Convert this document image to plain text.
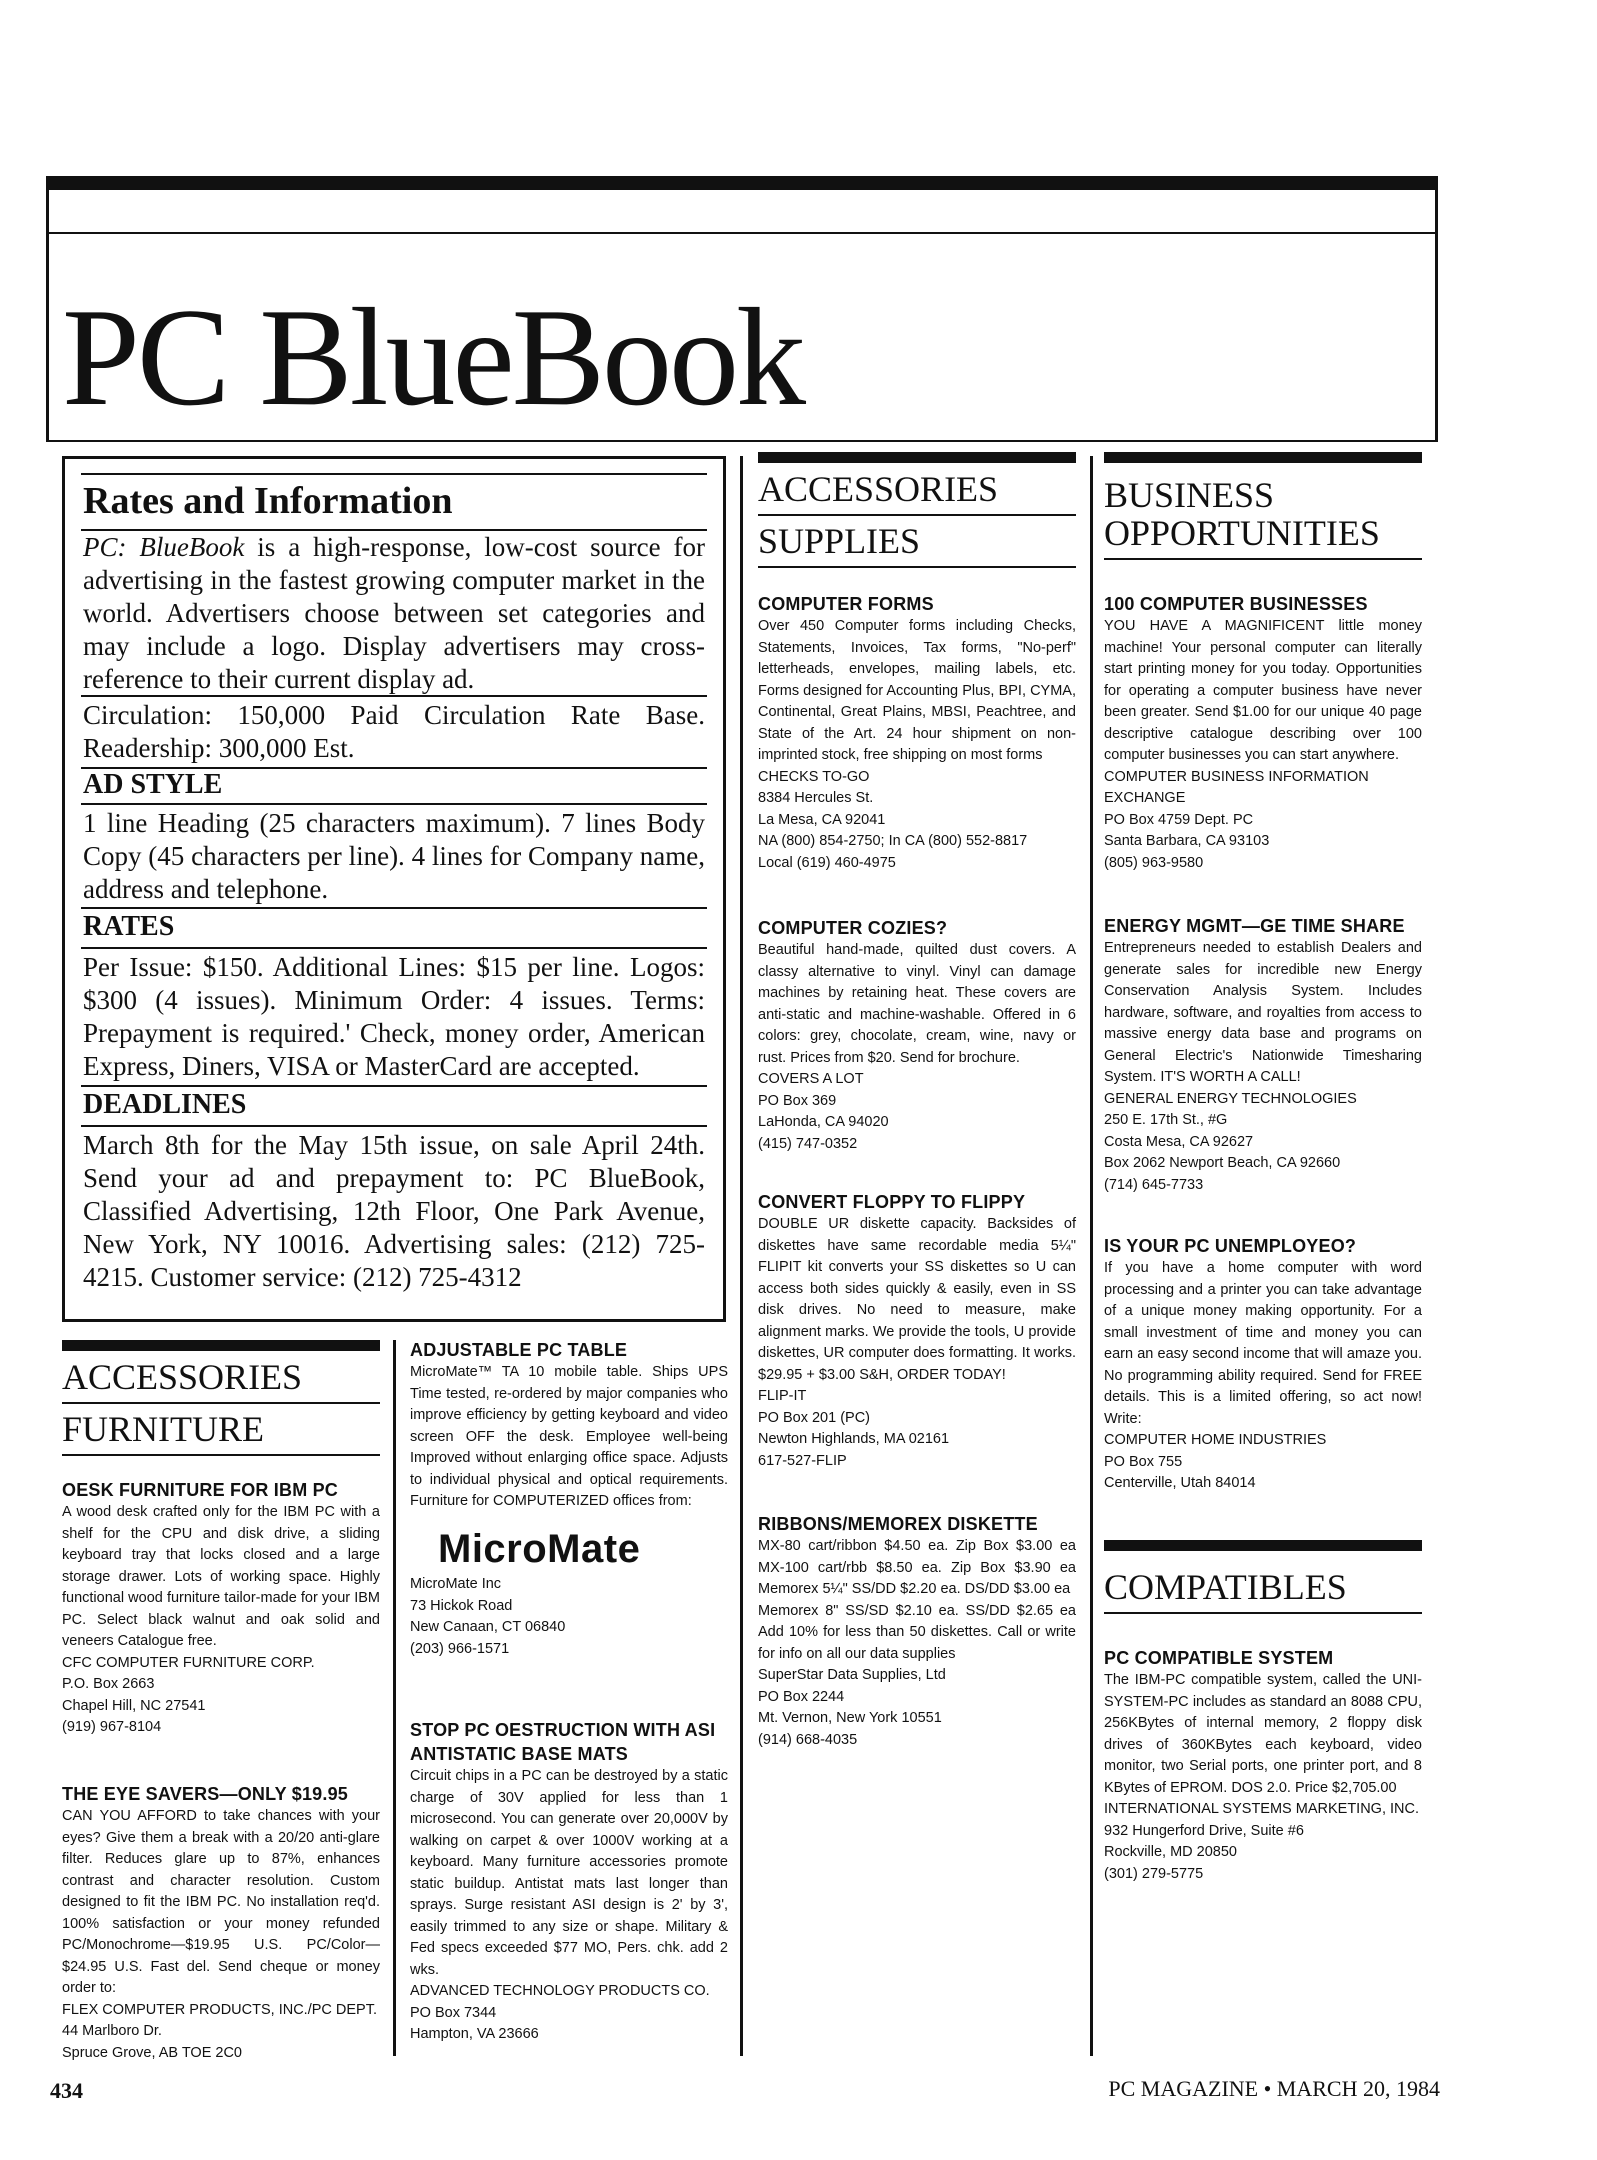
PC BlueBook
Rates and Information
PC: BlueBook is a high-response, low-cost source for advertising in the fastest growing computer market in the world. Advertisers choose between set categories and may include a logo. Display advertisers may cross-reference to their current display ad.
Circulation: 150,000 Paid Circulation Rate Base. Readership: 300,000 Est.
AD STYLE
1 line Heading (25 characters maximum). 7 lines Body Copy (45 characters per line). 4 lines for Company name, address and telephone.
RATES
Per Issue: $150. Additional Lines: $15 per line. Logos: $300 (4 issues). Minimum Order: 4 issues. Terms: Prepayment is required.' Check, money order, American Express, Diners, VISA or MasterCard are accepted.
DEADLINES
March 8th for the May 15th issue, on sale April 24th. Send your ad and prepayment to: PC BlueBook, Classified Advertising, 12th Floor, One Park Avenue, New York, NY 10016. Advertising sales: (212) 725-4215. Customer service: (212) 725-4312
ACCESSORIES
FURNITURE
OESK FURNITURE FOR IBM PC

A wood desk crafted only for the IBM PC with a shelf for the CPU and disk drive, a sliding keyboard tray that locks closed and a large storage drawer. Lots of working space. Highly functional wood furniture tailor-made for your IBM PC. Select black walnut and oak solid and veneers Catalogue free.

CFC COMPUTER FURNITURE CORP.
P.O. Box 2663
Chapel Hill, NC 27541
(919) 967-8104

THE EYE SAVERS—ONLY $19.95

CAN YOU AFFORD to take chances with your eyes? Give them a break with a 20/20 anti-glare filter. Reduces glare up to 87%, enhances contrast and character resolution. Custom designed to fit the IBM PC. No installation req'd. 100% satisfaction or your money refunded PC/Monochrome—$19.95 U.S. PC/Color—$24.95 U.S. Fast del. Send cheque or money order to:

FLEX COMPUTER PRODUCTS, INC./PC DEPT.
44 Marlboro Dr.
Spruce Grove, AB TOE 2C0

ADJUSTABLE PC TABLE

MicroMate™ TA 10 mobile table. Ships UPS Time tested, re-ordered by major companies who improve efficiency by getting keyboard and video screen OFF the desk. Employee well-being Improved without enlarging office space. Adjusts to individual physical and optical requirements. Furniture for COMPUTERIZED offices from:

MicroMate

MicroMate Inc
73 Hickok Road
New Canaan, CT 06840
(203) 966-1571

STOP PC OESTRUCTION WITH ASI ANTISTATIC BASE MATS

Circuit chips in a PC can be destroyed by a static charge of 30V applied for less than 1 microsecond. You can generate over 20,000V by walking on carpet & over 1000V working at a keyboard. Many furniture accessories promote static buildup. Antistat mats last longer than sprays. Surge resistant ASI design is 2' by 3', easily trimmed to any size or shape. Military & Fed specs exceeded $77 MO, Pers. chk. add 2 wks.

ADVANCED TECHNOLOGY PRODUCTS CO.
PO Box 7344
Hampton, VA 23666

ACCESSORIES
SUPPLIES
COMPUTER FORMS

Over 450 Computer forms including Checks, Statements, Invoices, Tax forms, "No-perf" letterheads, envelopes, mailing labels, etc. Forms designed for Accounting Plus, BPI, CYMA, Continental, Great Plains, MBSI, Peachtree, and State of the Art. 24 hour shipment on non-imprinted stock, free shipping on most forms

CHECKS TO-GO
8384 Hercules St.
La Mesa, CA 92041
NA (800) 854-2750; In CA (800) 552-8817
Local (619) 460-4975

COMPUTER COZIES?

Beautiful hand-made, quilted dust covers. A classy alternative to vinyl. Vinyl can damage machines by retaining heat. These covers are anti-static and machine-washable. Offered in 6 colors: grey, chocolate, cream, wine, navy or rust. Prices from $20. Send for brochure.

COVERS A LOT
PO Box 369
LaHonda, CA 94020
(415) 747-0352

CONVERT FLOPPY TO FLIPPY

DOUBLE UR diskette capacity. Backsides of diskettes have same recordable media 5¼" FLIPIT kit converts your SS diskettes so U can access both sides quickly & easily, even in SS disk drives. No need to measure, make alignment marks. We provide the tools, U provide diskettes, UR computer does formatting. It works. $29.95 + $3.00 S&H, ORDER TODAY!

FLIP-IT
PO Box 201 (PC)
Newton Highlands, MA 02161
617-527-FLIP

RIBBONS/MEMOREX DISKETTE

MX-80 cart/ribbon $4.50 ea. Zip Box $3.00 ea MX-100 cart/rbb $8.50 ea. Zip Box $3.90 ea Memorex 5¼" SS/DD $2.20 ea. DS/DD $3.00 ea
Memorex 8" SS/SD $2.10 ea. SS/DD $2.65 ea Add 10% for less than 50 diskettes. Call or write for info on all our data supplies

SuperStar Data Supplies, Ltd
PO Box 2244
Mt. Vernon, New York 10551
(914) 668-4035

BUSINESS
OPPORTUNITIES
100 COMPUTER BUSINESSES

YOU HAVE A MAGNIFICENT little money machine! Your personal computer can literally start printing money for you today. Opportunities for operating a computer business have never been greater. Send $1.00 for our unique 40 page descriptive catalogue describing over 100 computer businesses you can start anywhere.

COMPUTER BUSINESS INFORMATION
EXCHANGE
PO Box 4759 Dept. PC
Santa Barbara, CA 93103
(805) 963-9580

ENERGY MGMT—GE TIME SHARE

Entrepreneurs needed to establish Dealers and generate sales for incredible new Energy Conservation Analysis System. Includes hardware, software, and royalties from access to massive energy data base and programs on General Electric's Nationwide Timesharing System. IT'S WORTH A CALL!

GENERAL ENERGY TECHNOLOGIES
250 E. 17th St., #G
Costa Mesa, CA 92627
Box 2062 Newport Beach, CA 92660
(714) 645-7733

IS YOUR PC UNEMPLOYEO?

If you have a home computer with word processing and a printer you can take advantage of a unique money making opportunity. For a small investment of time and money you can earn an easy second income that will amaze you. No programming ability required. Send for FREE details. This is a limited offering, so act now! Write:

COMPUTER HOME INDUSTRIES
PO Box 755
Centerville, Utah 84014

COMPATIBLES
PC COMPATIBLE SYSTEM

The IBM-PC compatible system, called the UNI-SYSTEM-PC includes as standard an 8088 CPU, 256KBytes of internal memory, 2 floppy disk drives of 360KBytes each keyboard, video monitor, two Serial ports, one printer port, and 8 KBytes of EPROM. DOS 2.0. Price $2,705.00

INTERNATIONAL SYSTEMS MARKETING, INC.
932 Hungerford Drive, Suite #6
Rockville, MD 20850
(301) 279-5775

434	PC MAGAZINE • MARCH 20, 1984
